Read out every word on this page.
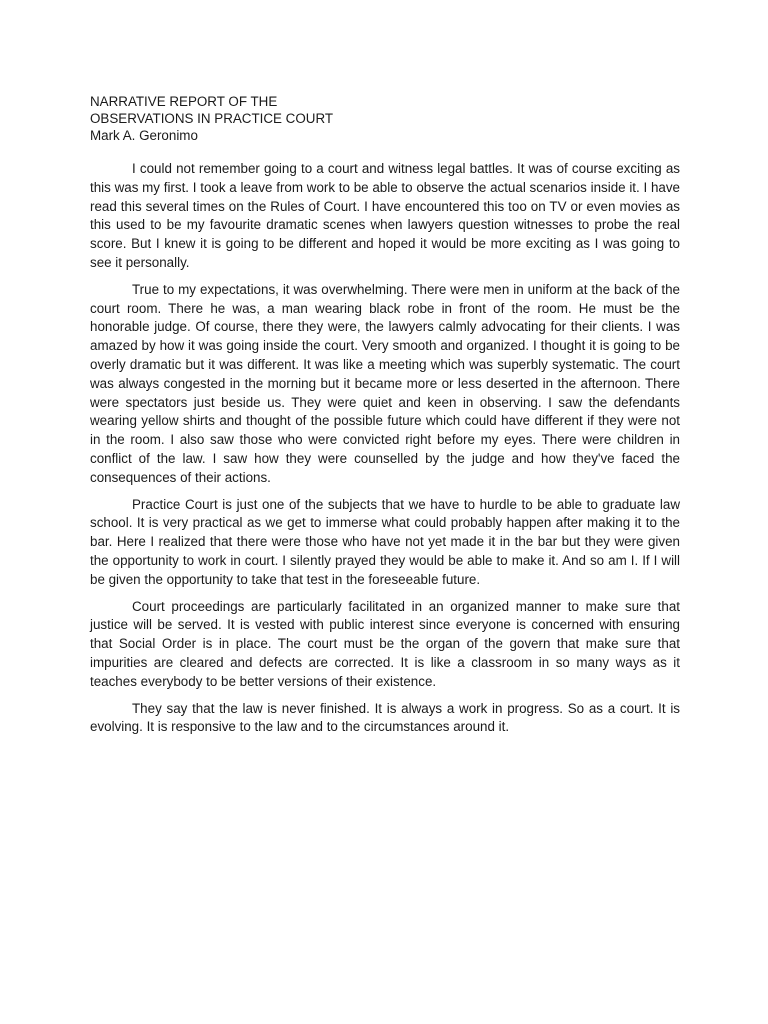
NARRATIVE REPORT OF THE
OBSERVATIONS IN PRACTICE COURT
Mark A. Geronimo

I could not remember going to a court and witness legal battles. It was of course exciting as this was my first. I took a leave from work to be able to observe the actual scenarios inside it. I have read this several times on the Rules of Court. I have encountered this too on TV or even movies as this used to be my favourite dramatic scenes when lawyers question witnesses to probe the real score. But I knew it is going to be different and hoped it would be more exciting as I was going to see it personally.

True to my expectations, it was overwhelming. There were men in uniform at the back of the court room. There he was, a man wearing black robe in front of the room. He must be the honorable judge. Of course, there they were, the lawyers calmly advocating for their clients. I was amazed by how it was going inside the court. Very smooth and organized. I thought it is going to be overly dramatic but it was different. It was like a meeting which was superbly systematic. The court was always congested in the morning but it became more or less deserted in the afternoon. There were spectators just beside us. They were quiet and keen in observing. I saw the defendants wearing yellow shirts and thought of the possible future which could have different if they were not in the room. I also saw those who were convicted right before my eyes. There were children in conflict of the law. I saw how they were counselled by the judge and how they've faced the consequences of their actions.

Practice Court is just one of the subjects that we have to hurdle to be able to graduate law school. It is very practical as we get to immerse what could probably happen after making it to the bar. Here I realized that there were those who have not yet made it in the bar but they were given the opportunity to work in court. I silently prayed they would be able to make it. And so am I. If I will be given the opportunity to take that test in the foreseeable future.

Court proceedings are particularly facilitated in an organized manner to make sure that justice will be served. It is vested with public interest since everyone is concerned with ensuring that Social Order is in place. The court must be the organ of the govern that make sure that impurities are cleared and defects are corrected. It is like a classroom in so many ways as it teaches everybody to be better versions of their existence.

They say that the law is never finished. It is always a work in progress. So as a court. It is evolving. It is responsive to the law and to the circumstances around it.
